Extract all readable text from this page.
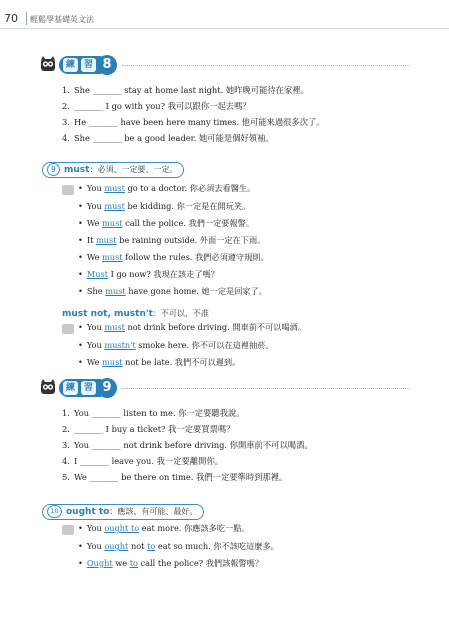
70 輕鬆學基礎英文法
練 習 8
1. She _______ stay at home last night. 她昨晚可能待在家裡。
2. _______ I go with you? 我可以跟你一起去嗎？
3. He _______ have been here many times. 他可能來過很多次了。
4. She _______ be a good leader. 她可能是個好領袖。
9 must：必須、一定要、一定。
• You must go to a doctor. 你必須去看醫生。
• You must be kidding. 你一定是在開玩笑。
• We must call the police. 我們一定要報警。
• It must be raining outside. 外面一定在下雨。
• We must follow the rules. 我們必須遵守規則。
• Must I go now? 我現在該走了嗎？
• She must have gone home. 她一定是回家了。
must not, mustn't：不可以、不准
• You must not drink before driving. 開車前不可以喝酒。
• You mustn't smoke here. 你不可以在這裡抽菸。
• We must not be late. 我們不可以遲到。
練 習 9
1. You _______ listen to me. 你一定要聽我說。
2. _______ I buy a ticket? 我一定要買票嗎？
3. You _______ not drink before driving. 你開車前不可以喝酒。
4. I _______ leave you. 我一定要離開你。
5. We _______ be there on time. 我們一定要準時到那裡。
10 ought to：應該、有可能、最好。
• You ought to eat more. 你應該多吃一點。
• You ought not to eat so much. 你不該吃這麼多。
• Ought we to call the police? 我們該報警嗎？
